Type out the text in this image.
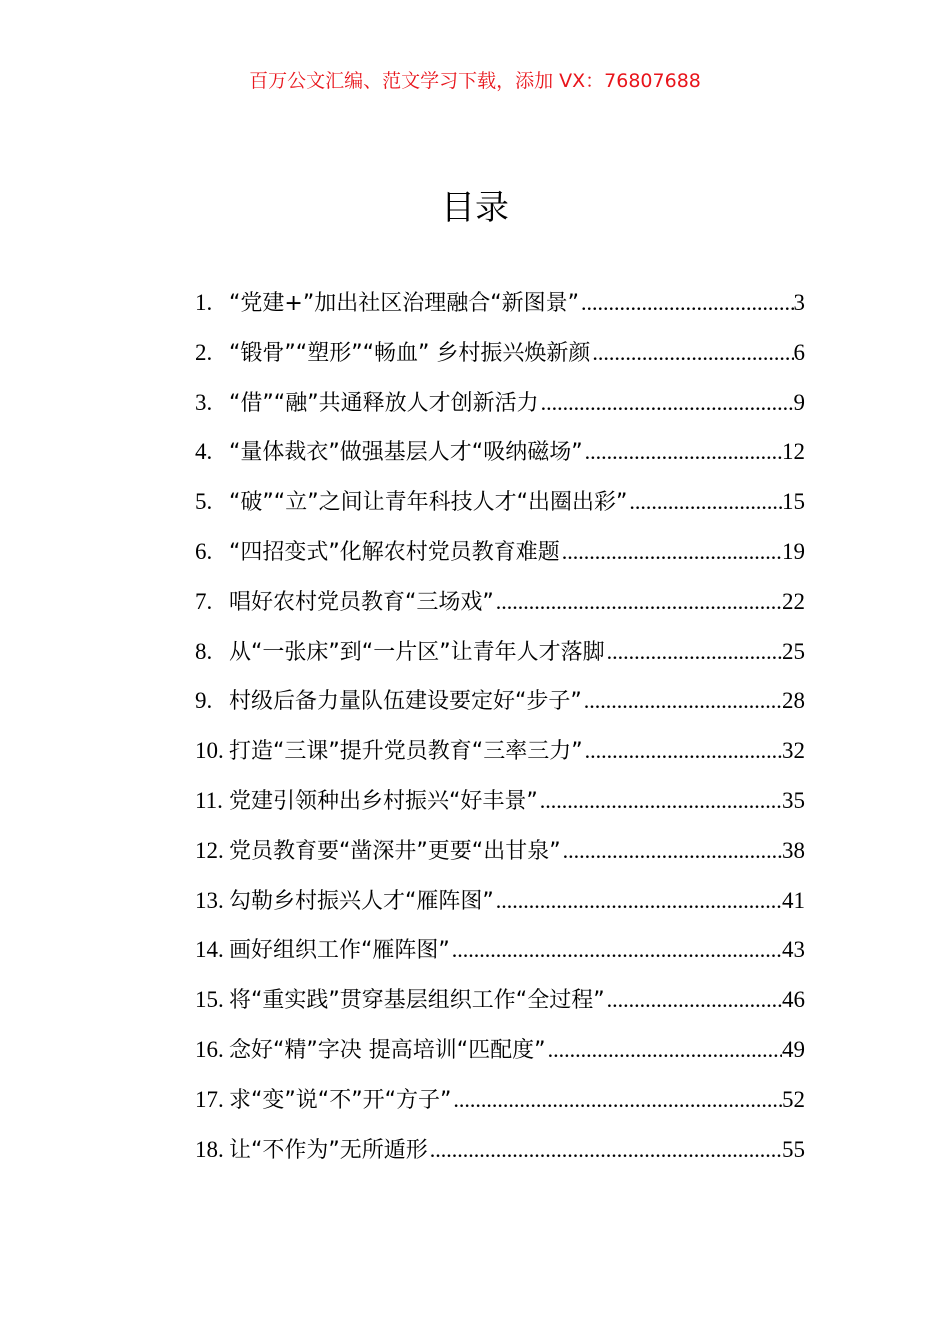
百万公文汇编、范文学习下载，添加 VX：76807688
目录
1. “党建+”加出社区治理融合“新图景” .....	3
2. “锻骨”“塑形”“畅血” 乡村振兴焕新颜 .....	6
3. “借”“融”共通释放人才创新活力 .....	9
4. “量体裁衣”做强基层人才“吸纳磁场” .....	12
5. “破”“立”之间让青年科技人才“出圈出彩” .....	15
6. “四招变式”化解农村党员教育难题 .....	19
7. 唱好农村党员教育“三场戏” .....	22
8. 从“一张床”到“一片区”让青年人才落脚 .....	25
9. 村级后备力量队伍建设要定好“步子” .....	28
10. 打造“三课”提升党员教育“三率三力” .....	32
11. 党建引领种出乡村振兴“好丰景” .....	35
12. 党员教育要“凿深井”更要“出甘泉” .....	38
13. 勾勒乡村振兴人才“雁阵图” .....	41
14. 画好组织工作“雁阵图” .....	43
15. 将“重实践”贯穿基层组织工作“全过程” .....	46
16. 念好“精”字决 提高培训“匹配度” .....	49
17. 求“变”说“不”开“方子” .....	52
18. 让“不作为”无所遁形 .....	55
